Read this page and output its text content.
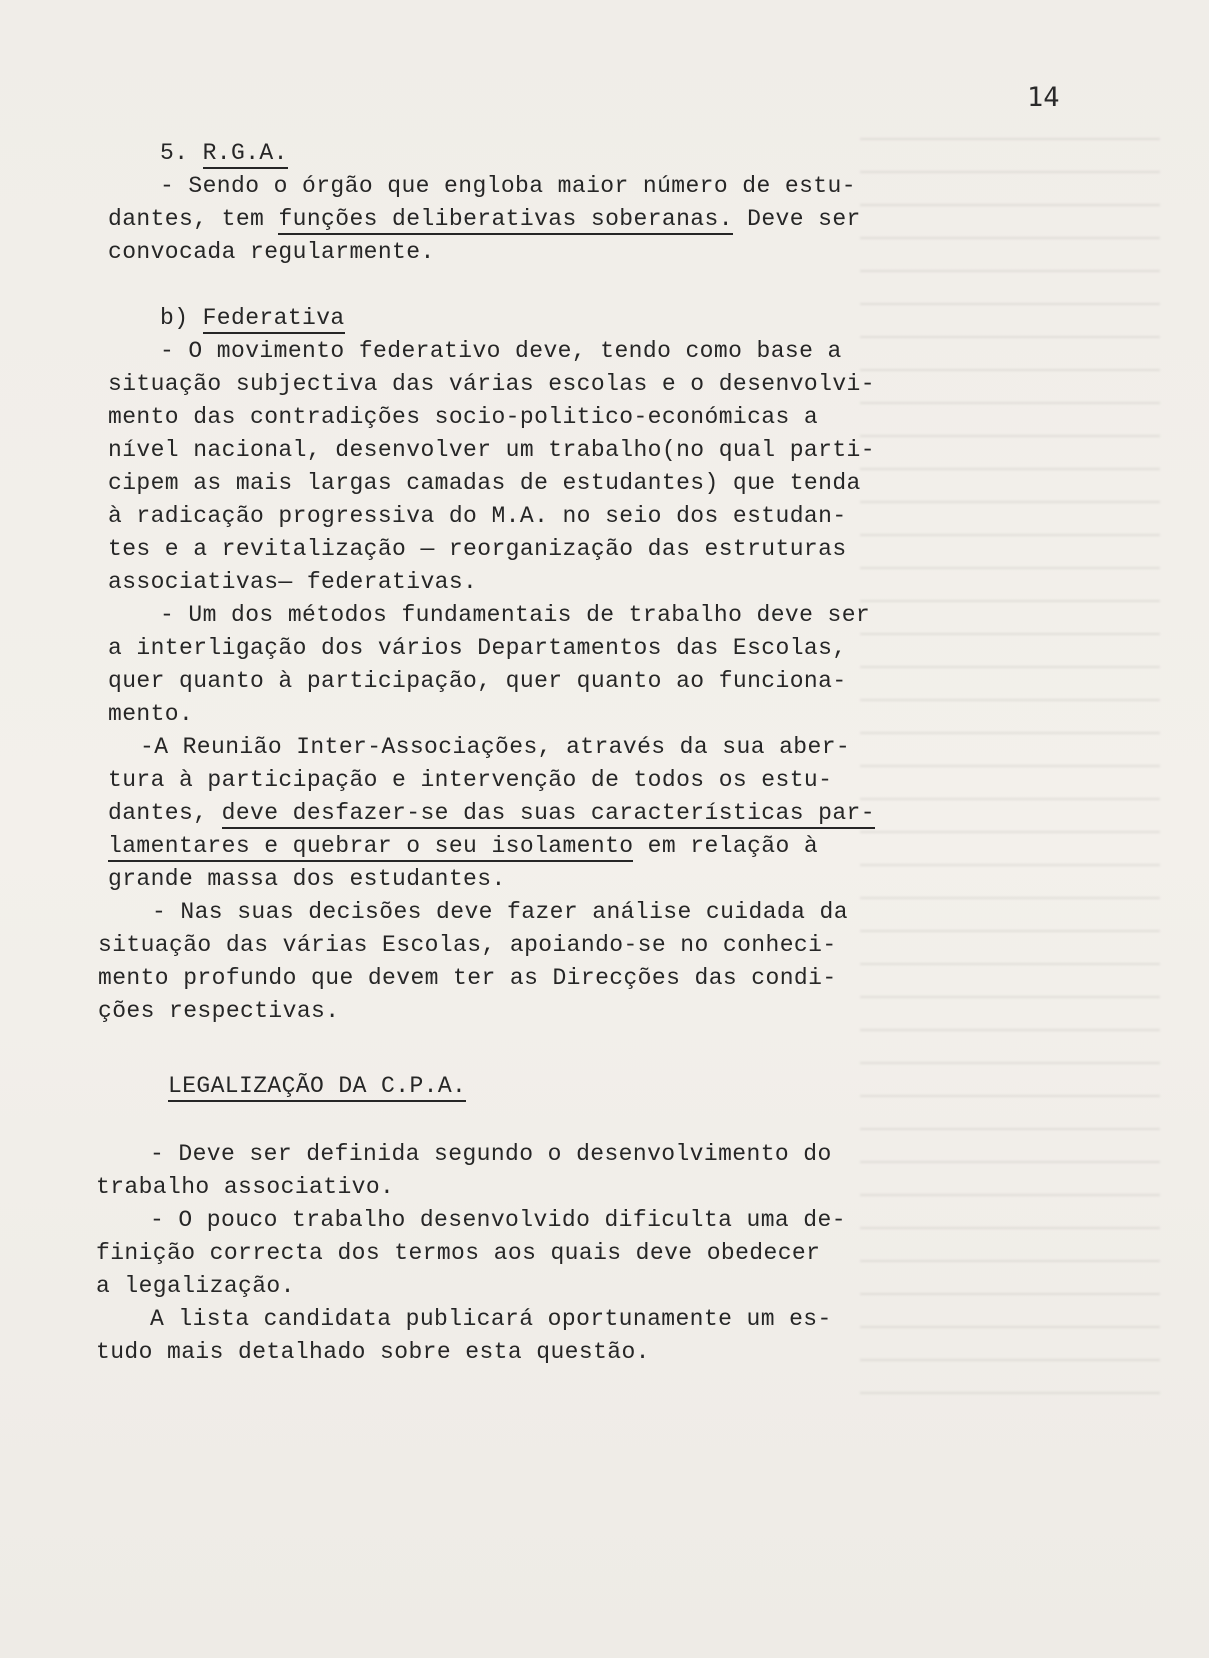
14
5. R.G.A.
- Sendo o órgão que engloba maior número de estu-
dantes, tem funções deliberativas soberanas. Deve ser
convocada regularmente.
b) Federativa
- O movimento federativo deve, tendo como base a
situação subjectiva das várias escolas e o desenvolvi-
mento das contradições socio-politico-económicas a
nível nacional, desenvolver um trabalho(no qual parti-
cipem as mais largas camadas de estudantes) que tenda
à radicação progressiva do M.A. no seio dos estudan-
tes e a revitalização — reorganização das estruturas
associativas— federativas.
- Um dos métodos fundamentais de trabalho deve ser
a interligação dos vários Departamentos das Escolas,
quer quanto à participação, quer quanto ao funciona-
mento.
-A Reunião Inter-Associações, através da sua aber-
tura à participação e intervenção de todos os estu-
dantes, deve desfazer-se das suas características par-
lamentares e quebrar o seu isolamento em relação à
grande massa dos estudantes.
- Nas suas decisões deve fazer análise cuidada da
situação das várias Escolas, apoiando-se no conheci-
mento profundo que devem ter as Direcções das condi-
ções respectivas.
LEGALIZAÇÃO DA C.P.A.
- Deve ser definida segundo o desenvolvimento do
trabalho associativo.
- O pouco trabalho desenvolvido dificulta uma de-
finição correcta dos termos aos quais deve obedecer
a legalização.
A lista candidata publicará oportunamente um es-
tudo mais detalhado sobre esta questão.
